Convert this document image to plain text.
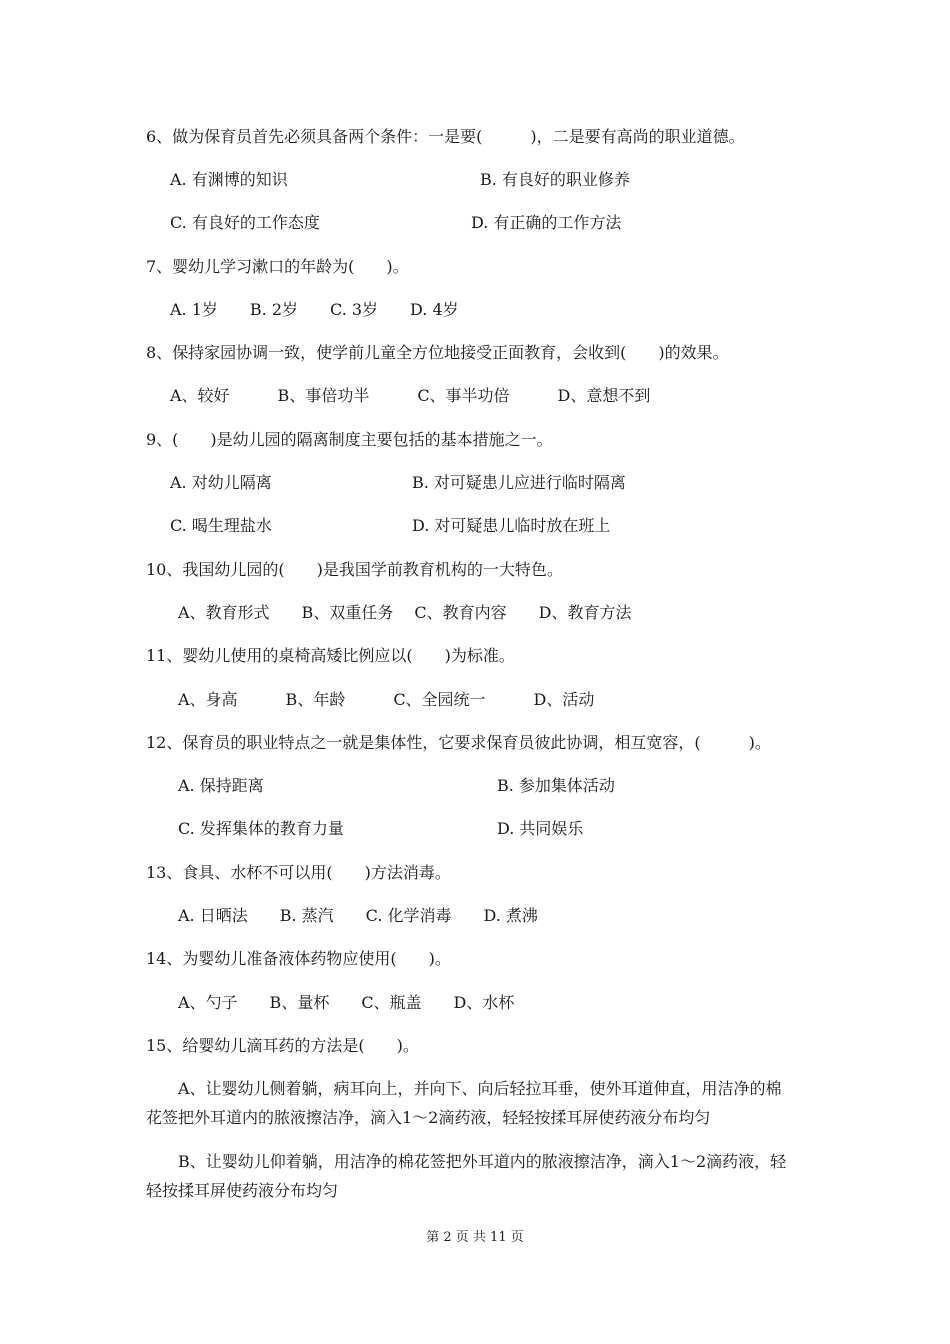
6、做为保育员首先必须具备两个条件：一是要(　　　)，二是要有高尚的职业道德。
A. 有渊博的知识	B. 有良好的职业修养
C. 有良好的工作态度	D. 有正确的工作方法
7、婴幼儿学习漱口的年龄为(　　)。
A. 1岁　　B. 2岁　　C. 3岁　　D. 4岁
8、保持家园协调一致，使学前儿童全方位地接受正面教育，会收到(　　)的效果。
A、较好　　　B、事倍功半　　　C、事半功倍　　　D、意想不到
9、(　　)是幼儿园的隔离制度主要包括的基本措施之一。
A. 对幼儿隔离	B. 对可疑患儿应进行临时隔离
C. 喝生理盐水	D. 对可疑患儿临时放在班上
10、我国幼儿园的(　　)是我国学前教育机构的一大特色。
A、教育形式　　B、双重任务　 C、教育内容　　D、教育方法
11、婴幼儿使用的桌椅高矮比例应以(　　)为标准。
A、身高　　　B、年龄　　　C、全园统一　　　D、活动
12、保育员的职业特点之一就是集体性，它要求保育员彼此协调，相互宽容，(　　　)。
A. 保持距离	B. 参加集体活动
C. 发挥集体的教育力量	D. 共同娱乐
13、食具、水杯不可以用(　　)方法消毒。
A. 日晒法　　B. 蒸汽　　C. 化学消毒　　D. 煮沸
14、为婴幼儿准备液体药物应使用(　　)。
A、勺子　　B、量杯　　C、瓶盖　　D、水杯
15、给婴幼儿滴耳药的方法是(　　)。
A、让婴幼儿侧着躺，病耳向上，并向下、向后轻拉耳垂，使外耳道伸直，用洁净的棉
花签把外耳道内的脓液擦洁净，滴入1～2滴药液，轻轻按揉耳屏使药液分布均匀
B、让婴幼儿仰着躺，用洁净的棉花签把外耳道内的脓液擦洁净，滴入1～2滴药液，轻
轻按揉耳屏使药液分布均匀
第 2 页 共 11 页
